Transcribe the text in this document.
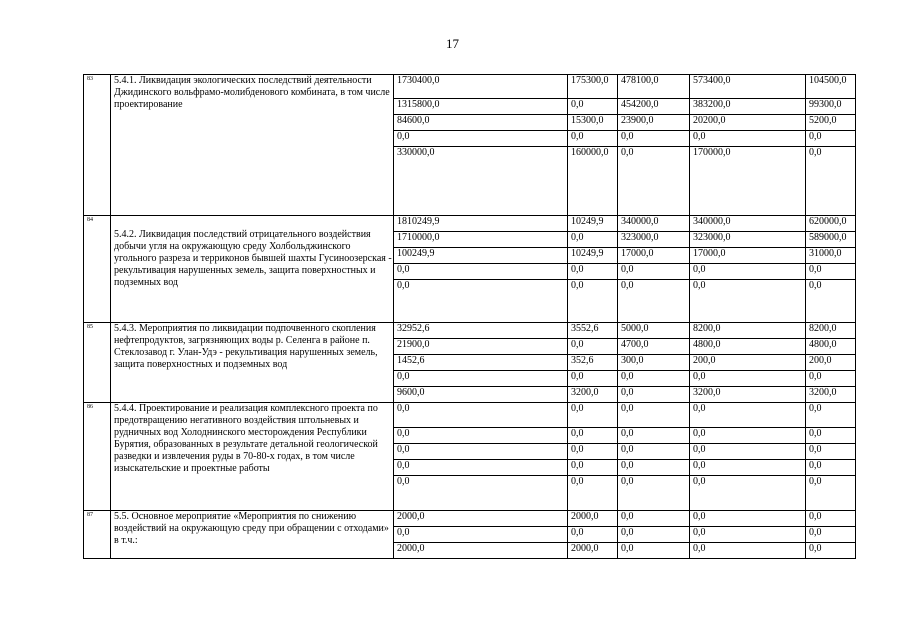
17
83	5.4.1. Ликвидация экологических последствий деятельности Джидинского вольфрамо-молибденового комбината, в том числе проектирование	1730400,0	175300,0	478100,0	573400,0	104500,0
		1315800,0	0,0	454200,0	383200,0	99300,0
		84600,0	15300,0	23900,0	20200,0	5200,0
		0,0	0,0	0,0	0,0	0,0
		330000,0	160000,0	0,0	170000,0	0,0
84	5.4.2. Ликвидация последствий отрицательного воздействия добычи угля на окружающую среду Холбольджинского угольного разреза и терриконов бывшей шахты Гусиноозерская - рекультивация нарушенных земель, защита поверхностных и подземных вод	1810249,9	10249,9	340000,0	340000,0	620000,0
		1710000,0	0,0	323000,0	323000,0	589000,0
		100249,9	10249,9	17000,0	17000,0	31000,0
		0,0	0,0	0,0	0,0	0,0
		0,0	0,0	0,0	0,0	0,0
85	5.4.3. Мероприятия по ликвидации подпочвенного скопления нефтепродуктов, загрязняющих воды р. Селенга в районе п. Стеклозавод г. Улан-Удэ - рекультивация нарушенных земель, защита поверхностных и подземных вод	32952,6	3552,6	5000,0	8200,0	8200,0
		21900,0	0,0	4700,0	4800,0	4800,0
		1452,6	352,6	300,0	200,0	200,0
		0,0	0,0	0,0	0,0	0,0
		9600,0	3200,0	0,0	3200,0	3200,0
86	5.4.4. Проектирование и реализация комплексного проекта по предотвращению негативного воздействия штольневых и рудничных вод Холоднинского месторождения Республики Бурятия, образованных в результате детальной геологической разведки и извлечения руды в 70-80-х годах, в том числе изыскательские и проектные работы	0,0	0,0	0,0	0,0	0,0
		0,0	0,0	0,0	0,0	0,0
		0,0	0,0	0,0	0,0	0,0
		0,0	0,0	0,0	0,0	0,0
		0,0	0,0	0,0	0,0	0,0
87	5.5. Основное мероприятие «Мероприятия по снижению воздействий на окружающую среду при обращении с отходами» в т.ч.:	2000,0	2000,0	0,0	0,0	0,0
		0,0	0,0	0,0	0,0	0,0
		2000,0	2000,0	0,0	0,0	0,0
